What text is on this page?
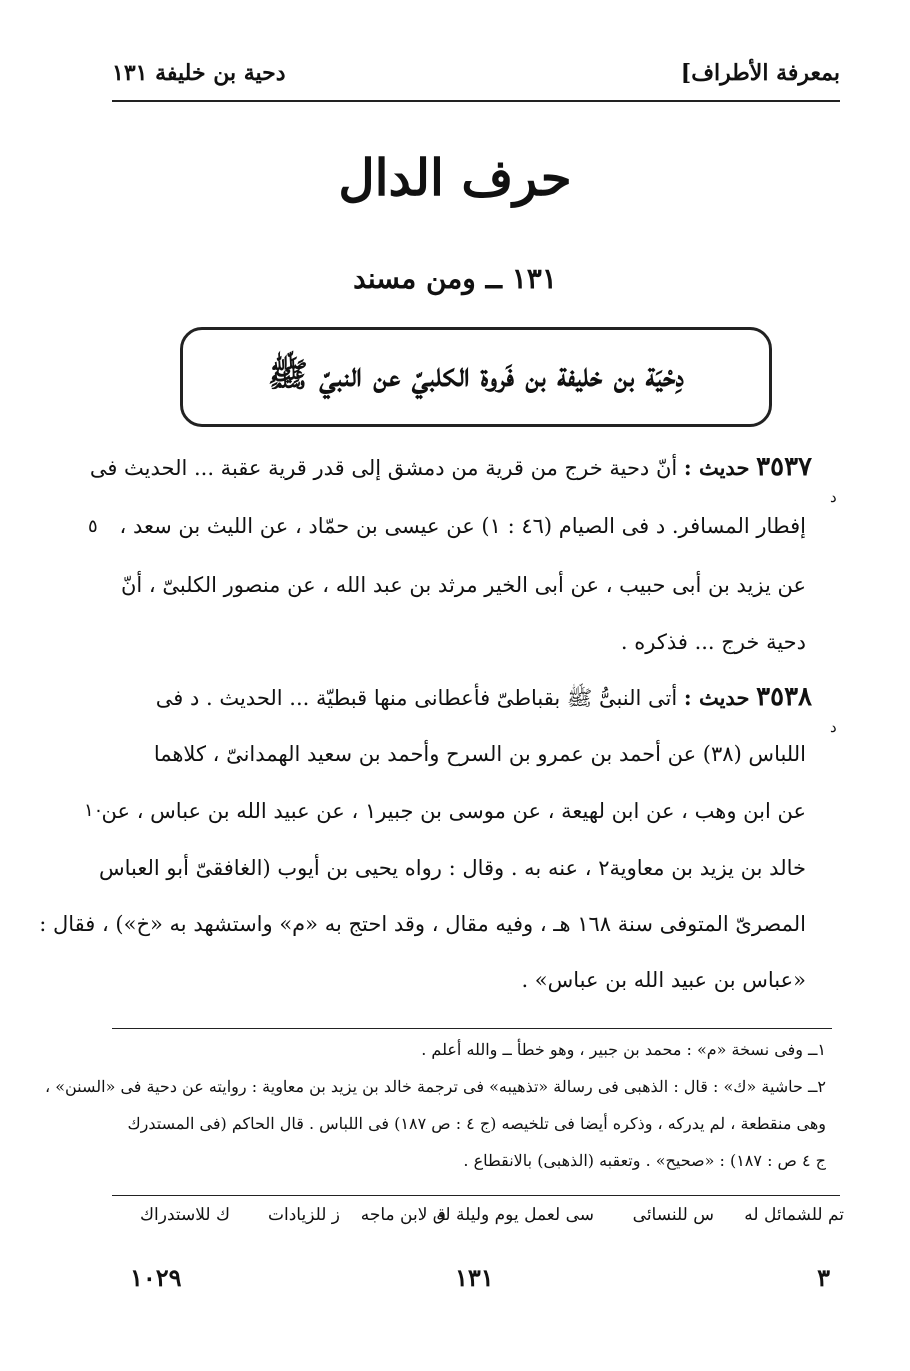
بمعرفة الأطراف]
دحية بن خليفة ١٣١
حرف الدال
١٣١ ــ ومن مسند
دِحْيَة بن خليفة بن فَروة الكلبيّ عن النبيّ ﷺ
٣٥٣٧ حديث : أنّ دحية خرج من قرية من دمشق إلى قدر قرية عقبة ... الحديث فى
د
إفطار المسافر. د فى الصيام (٤٦ : ١) عن عيسى بن حمّاد ، عن الليث بن سعد ،
٥
عن يزيد بن أبى حبيب ، عن أبى الخير مرثد بن عبد الله ، عن منصور الكلبىّ ، أنّ
دحية خرج ... فذكره .
٣٥٣٨ حديث : أتى النبىُّ ﷺ بقباطىّ فأعطانى منها قبطيّة ... الحديث . د فى
د
اللباس (٣٨) عن أحمد بن عمرو بن السرح وأحمد بن سعيد الهمدانىّ ، كلاهما
عن ابن وهب ، عن ابن لهيعة ، عن موسى بن جبير١ ، عن عبيد الله بن عباس ، عن
١٠
خالد بن يزيد بن معاوية٢ ، عنه به . وقال : رواه يحيى بن أيوب (الغافقىّ أبو العباس
المصرىّ المتوفى سنة ١٦٨ هـ ، وفيه مقال ، وقد احتج به «م» واستشهد به «خ») ، فقال :
«عباس بن عبيد الله بن عباس» .
١ــ وفى نسخة «م» : محمد بن جبير ، وهو خطأ ــ والله أعلم .
٢ــ حاشية «ك» : قال : الذهبى فى رسالة «تذهيبه» فى ترجمة خالد بن يزيد بن معاوية : روايته عن دحية فى «السنن» ،
وهى منقطعة ، لم يدركه ، وذكره أيضا فى تلخيصه (ج ٤ : ص ١٨٧) فى اللباس . قال الحاكم (فى المستدرك
ج ٤ ص : ١٨٧) : «صحيح» . وتعقبه (الذهبى) بالانقطاع .
تم للشمائل له
س للنسائى
سى لعمل يوم وليلة له
ق لابن ماجه
ز للزيادات
ك للاستدراك
٣
١٣١
١٠٢٩
